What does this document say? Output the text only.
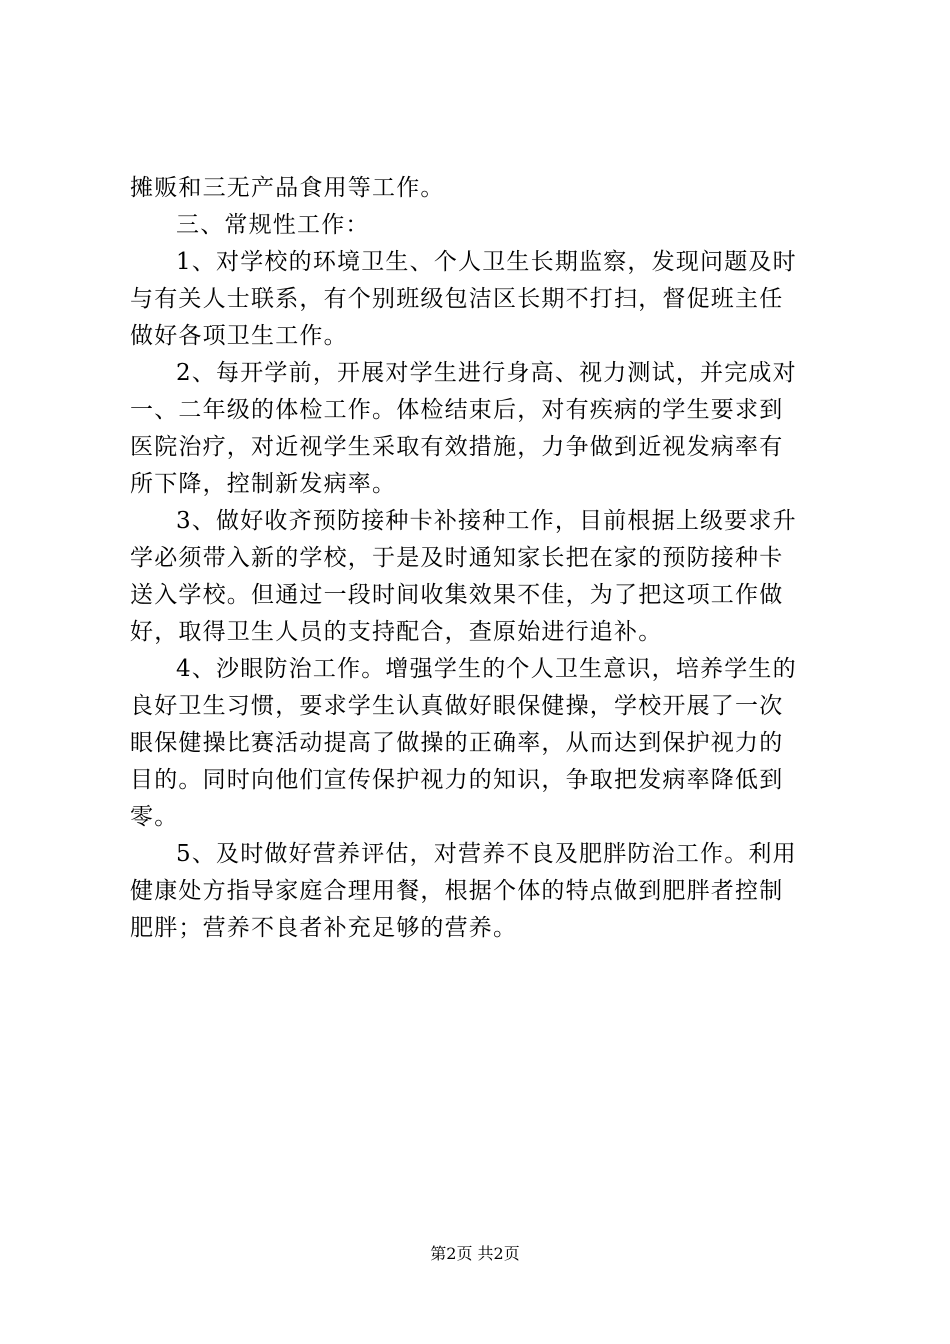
摊贩和三无产品食用等工作。
三、常规性工作：
1、对学校的环境卫生、个人卫生长期监察，发现问题及时
与有关人士联系，有个别班级包洁区长期不打扫，督促班主任
做好各项卫生工作。
2、每开学前，开展对学生进行身高、视力测试，并完成对
一、二年级的体检工作。体检结束后，对有疾病的学生要求到
医院治疗，对近视学生采取有效措施，力争做到近视发病率有
所下降，控制新发病率。
3、做好收齐预防接种卡补接种工作，目前根据上级要求升
学必须带入新的学校，于是及时通知家长把在家的预防接种卡
送入学校。但通过一段时间收集效果不佳，为了把这项工作做
好，取得卫生人员的支持配合，查原始进行追补。
4、沙眼防治工作。增强学生的个人卫生意识，培养学生的
良好卫生习惯，要求学生认真做好眼保健操，学校开展了一次
眼保健操比赛活动提高了做操的正确率，从而达到保护视力的
目的。同时向他们宣传保护视力的知识，争取把发病率降低到
零。
5、及时做好营养评估，对营养不良及肥胖防治工作。利用
健康处方指导家庭合理用餐，根据个体的特点做到肥胖者控制
肥胖；营养不良者补充足够的营养。
第2页 共2页
